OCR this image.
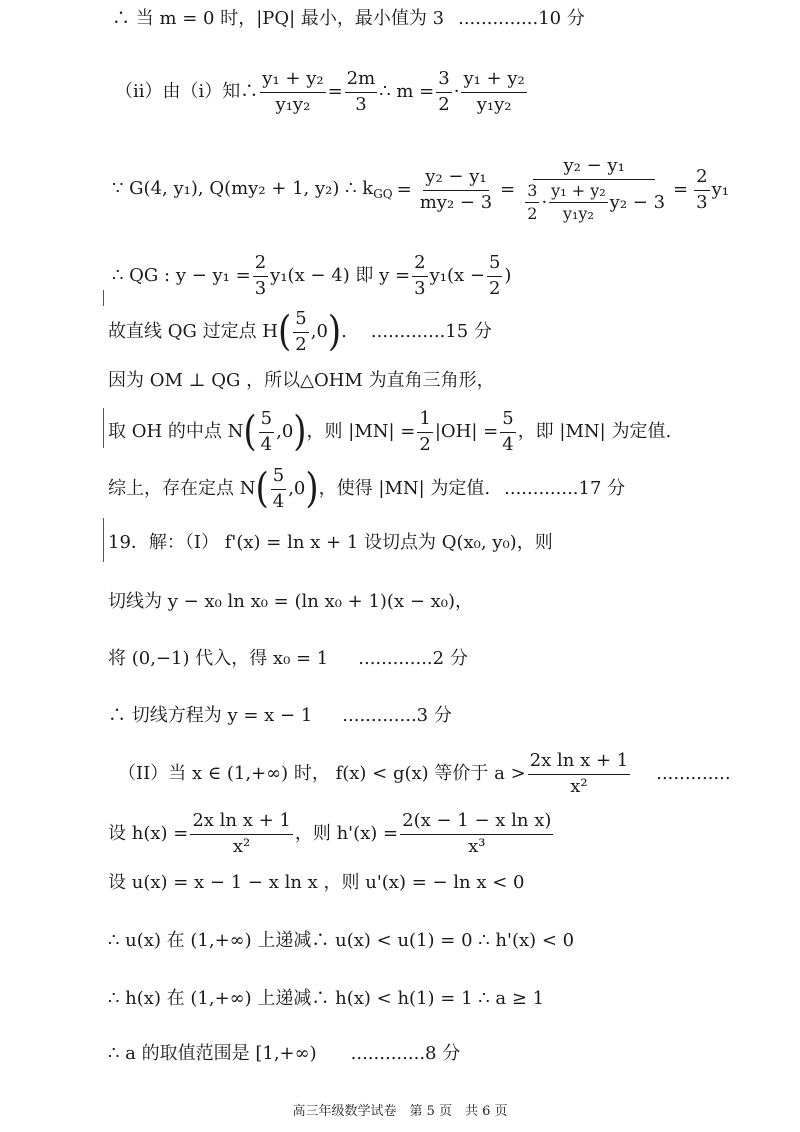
∴ 当 m = 0 时，|PQ| 最小，最小值为 3 ..............10 分
（ii）由（i）知∴ $\frac{\text{y₁ + y₂}}{\text{y₁y₂}} = \frac{2m}{3}$ ∴ $m = \frac{3}{2} \cdot \frac{\text{y₁ + y₂}}{\text{y₁y₂}}$
∵ G(4, y₁), Q(my₂ + 1, y₂) ∴ $k_{GQ} = \frac{\text{y₂ − y₁}}{\text{my₂ − 3}}$ =
y₂ − y₁
$\frac{3}{2} \cdot \frac{\text{y₁ + y₂}}{\text{y₁y₂}} y_2 - 3$
= $\frac{2}{3} y_1$
∴ QG : $y - y_1 = \frac{2}{3} y_1(x - 4)$ 即 $y = \frac{2}{3} y_1(x - \frac{5}{2}$ )
故直线 QG 过定点 H ( $\frac{5}{2} ,0$ ) . .............15 分
因为 OM ⊥ QG ，所以△OHM 为直角三角形，
取 OH 的中点 N ( $\frac{5}{4} ,0$ ) ，则 $|MN| = \frac{1}{2} |OH| = \frac{5}{4}$ ，即 |MN| 为定值.
综上，存在定点 N ( $\frac{5}{4} ,0$ ) ，使得 |MN| 为定值. .............17 分
19．解：（I） f'(x) = ln x + 1 设切点为 Q(x₀, y₀)，则
切线为 y − x₀ ln x₀ = (ln x₀ + 1)(x − x₀)，
将 (0,−1) 代入，得 x₀ = 1 .............2 分
∴ 切线方程为 y = x − 1 .............3 分
（II）当 x ∈ (1,+∞) 时， f(x) < g(x) 等价于 $a > \frac{\text{2x ln x + 1}}{\text{x²}}$ .............
设 $h(x) = \frac{\text{2x ln x + 1}}{\text{x²}}$ ，则 $h'(x) = \frac{\text{2(x − 1 − x ln x)}}{\text{x³}}$
设 u(x) = x − 1 − x ln x ，则 u'(x) = − ln x < 0
∴ u(x) 在 (1,+∞) 上递减∴ u(x) < u(1) = 0 ∴ h'(x) < 0
∴ h(x) 在 (1,+∞) 上递减∴ h(x) < h(1) = 1 ∴ a ≥ 1
∴ a 的取值范围是 [1,+∞) .............8 分
高三年级数学试卷　第 5 页　共 6 页
